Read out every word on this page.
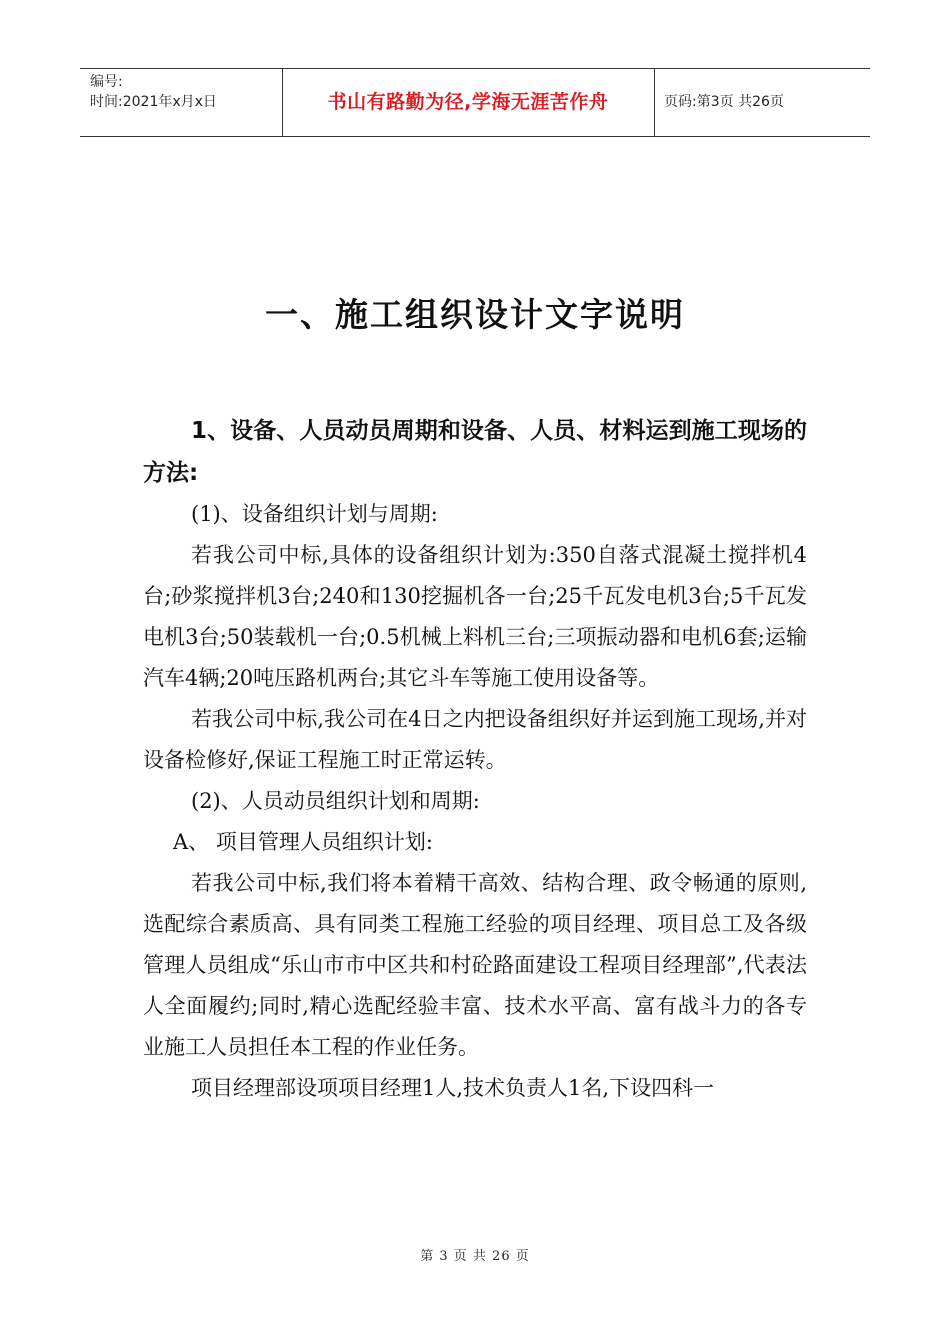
编号:
时间:2021年x月x日	书山有路勤为径,学海无涯苦作舟	页码:第3页 共26页
一、施工组织设计文字说明

1、设备、人员动员周期和设备、人员、材料运到施工现场的方法:

(1)、设备组织计划与周期:

若我公司中标,具体的设备组织计划为:350自落式混凝土搅拌机4台;砂浆搅拌机3台;240和130挖掘机各一台;25千瓦发电机3台;5千瓦发电机3台;50装载机一台;0.5机械上料机三台;三项振动器和电机6套;运输汽车4辆;20吨压路机两台;其它斗车等施工使用设备等。

若我公司中标,我公司在4日之内把设备组织好并运到施工现场,并对设备检修好,保证工程施工时正常运转。

(2)、人员动员组织计划和周期:

A、 项目管理人员组织计划:

若我公司中标,我们将本着精干高效、结构合理、政令畅通的原则,选配综合素质高、具有同类工程施工经验的项目经理、项目总工及各级管理人员组成“乐山市市中区共和村砼路面建设工程项目经理部”,代表法人全面履约;同时,精心选配经验丰富、技术水平高、富有战斗力的各专业施工人员担任本工程的作业任务。

项目经理部设项项目经理1人,技术负责人1名,下设四科一

第 3 页 共 26 页
